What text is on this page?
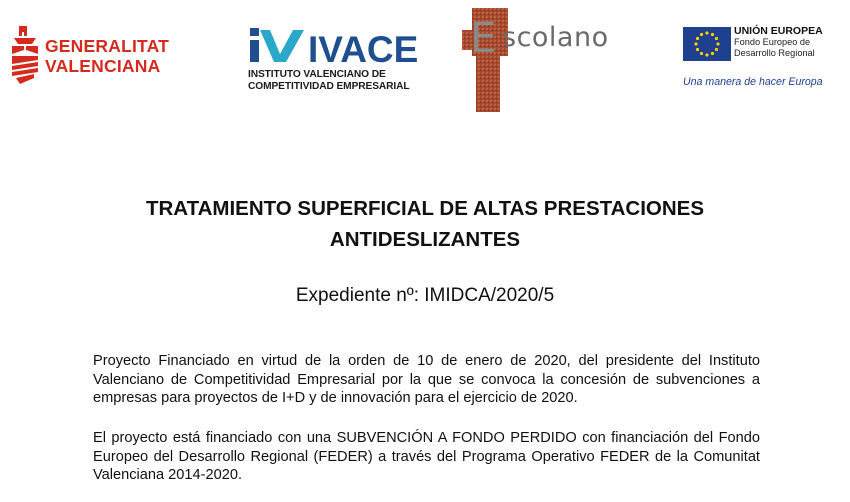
GENERALITAT
VALENCIANA	IVACE
INSTITUTO VALENCIANO DE
COMPETITIVIDAD EMPRESARIAL
E scolano	UNIÓN EUROPEA
Fondo Europeo de
Desarrollo Regional
Una manera de hacer Europa
TRATAMIENTO SUPERFICIAL DE ALTAS PRESTACIONES
ANTIDESLIZANTES
Expediente nº: IMIDCA/2020/5

Proyecto Financiado en virtud de la orden de 10 de enero de 2020, del presidente del Instituto Valenciano de Competitividad Empresarial por la que se convoca la concesión de subvenciones a empresas para proyectos de I+D y de innovación para el ejercicio de 2020.

El proyecto está financiado con una SUBVENCIÓN A FONDO PERDIDO con financiación del Fondo Europeo del Desarrollo Regional (FEDER) a través del Programa Operativo FEDER de la Comunitat Valenciana 2014-2020.
